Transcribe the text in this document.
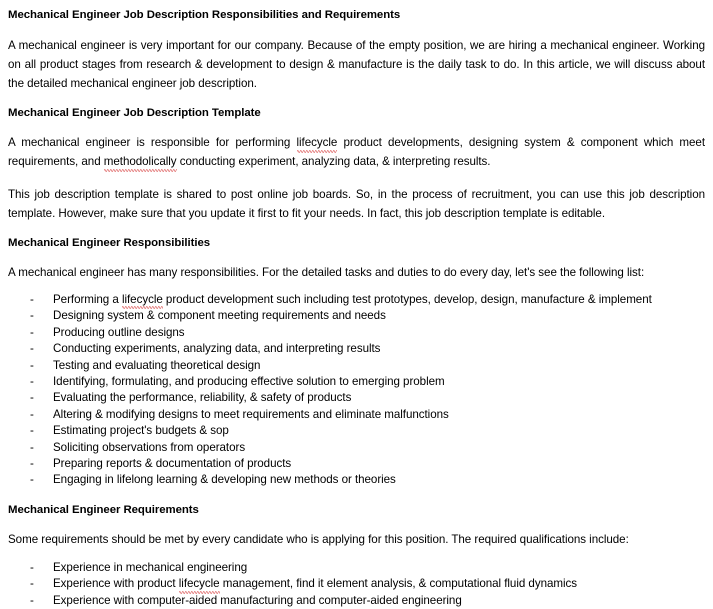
Mechanical Engineer Job Description Responsibilities and Requirements

A mechanical engineer is very important for our company. Because of the empty position, we are hiring a mechanical engineer. Working on all product stages from research & development to design & manufacture is the daily task to do. In this article, we will discuss about the detailed mechanical engineer job description.

Mechanical Engineer Job Description Template

A mechanical engineer is responsible for performing lifecycle product developments, designing system & component which meet requirements, and methodolically conducting experiment, analyzing data, & interpreting results.

This job description template is shared to post online job boards. So, in the process of recruitment, you can use this job description template. However, make sure that you update it first to fit your needs. In fact, this job description template is editable.

Mechanical Engineer Responsibilities

A mechanical engineer has many responsibilities. For the detailed tasks and duties to do every day, let's see the following list:

-	Performing a lifecycle product development such including test prototypes, develop, design, manufacture & implement
-	Designing system & component meeting requirements and needs
-	Producing outline designs
-	Conducting experiments, analyzing data, and interpreting results
-	Testing and evaluating theoretical design
-	Identifying, formulating, and producing effective solution to emerging problem
-	Evaluating the performance, reliability, & safety of products
-	Altering & modifying designs to meet requirements and eliminate malfunctions
-	Estimating project's budgets & sop
-	Soliciting observations from operators
-	Preparing reports & documentation of products
-	Engaging in lifelong learning & developing new methods or theories
Mechanical Engineer Requirements

Some requirements should be met by every candidate who is applying for this position. The required qualifications include:

-	Experience in mechanical engineering
-	Experience with product lifecycle management, find it element analysis, & computational fluid dynamics
-	Experience with computer-aided manufacturing and computer-aided engineering
